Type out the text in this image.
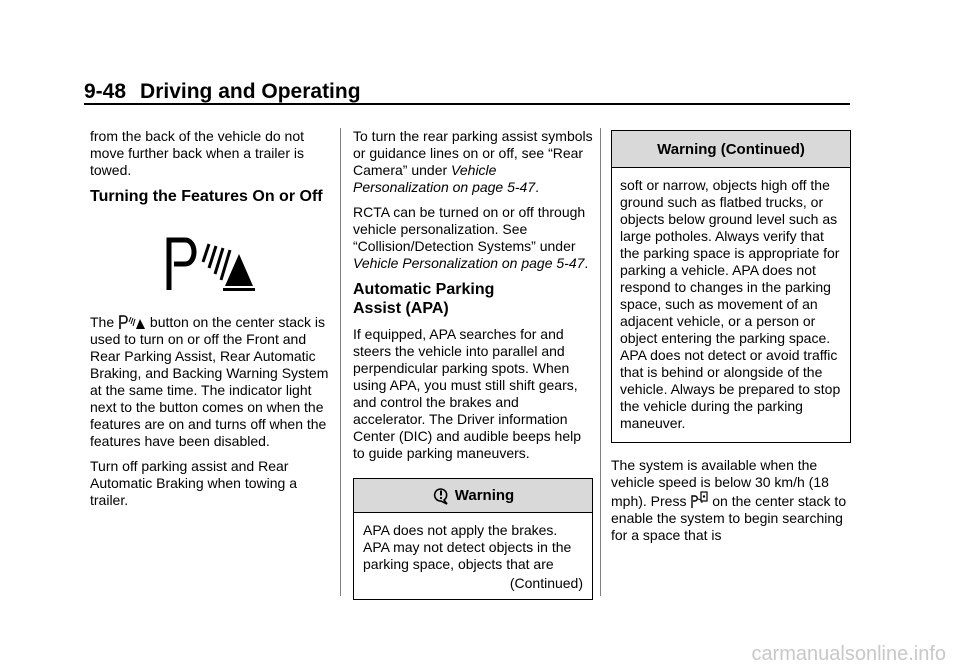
9-48 Driving and Operating

from the back of the vehicle do not move further back when a trailer is towed.

Turning the Features On or Off

The	button on the center stack is used to turn on or off the Front and Rear Parking Assist, Rear Automatic Braking, and Backing Warning System at the same time. The indicator light next to the button comes on when the features are on and turns off when the features have been disabled.

Turn off parking assist and Rear Automatic Braking when towing a trailer.

To turn the rear parking assist symbols or guidance lines on or off, see “Rear Camera” under Vehicle Personalization on page 5-47.

RCTA can be turned on or off through vehicle personalization. See “Collision/Detection Systems” under Vehicle Personalization on page 5-47.

Automatic Parking
Assist (APA)

If equipped, APA searches for and steers the vehicle into parallel and perpendicular parking spots. When using APA, you must still shift gears, and control the brakes and accelerator. The Driver information Center (DIC) and audible beeps help to guide parking maneuvers.

Warning

APA does not apply the brakes. APA may not detect objects in the parking space, objects that are

(Continued)
Warning (Continued)

soft or narrow, objects high off the ground such as flatbed trucks, or objects below ground level such as large potholes. Always verify that the parking space is appropriate for parking a vehicle. APA does not respond to changes in the parking space, such as movement of an adjacent vehicle, or a person or object entering the parking space. APA does not detect or avoid traffic that is behind or alongside of the vehicle. Always be prepared to stop the vehicle during the parking maneuver.

The system is available when the vehicle speed is below 30 km/h (18 mph). Press on the center stack to enable the system to begin searching for a space that is

carmanualsonline.info
